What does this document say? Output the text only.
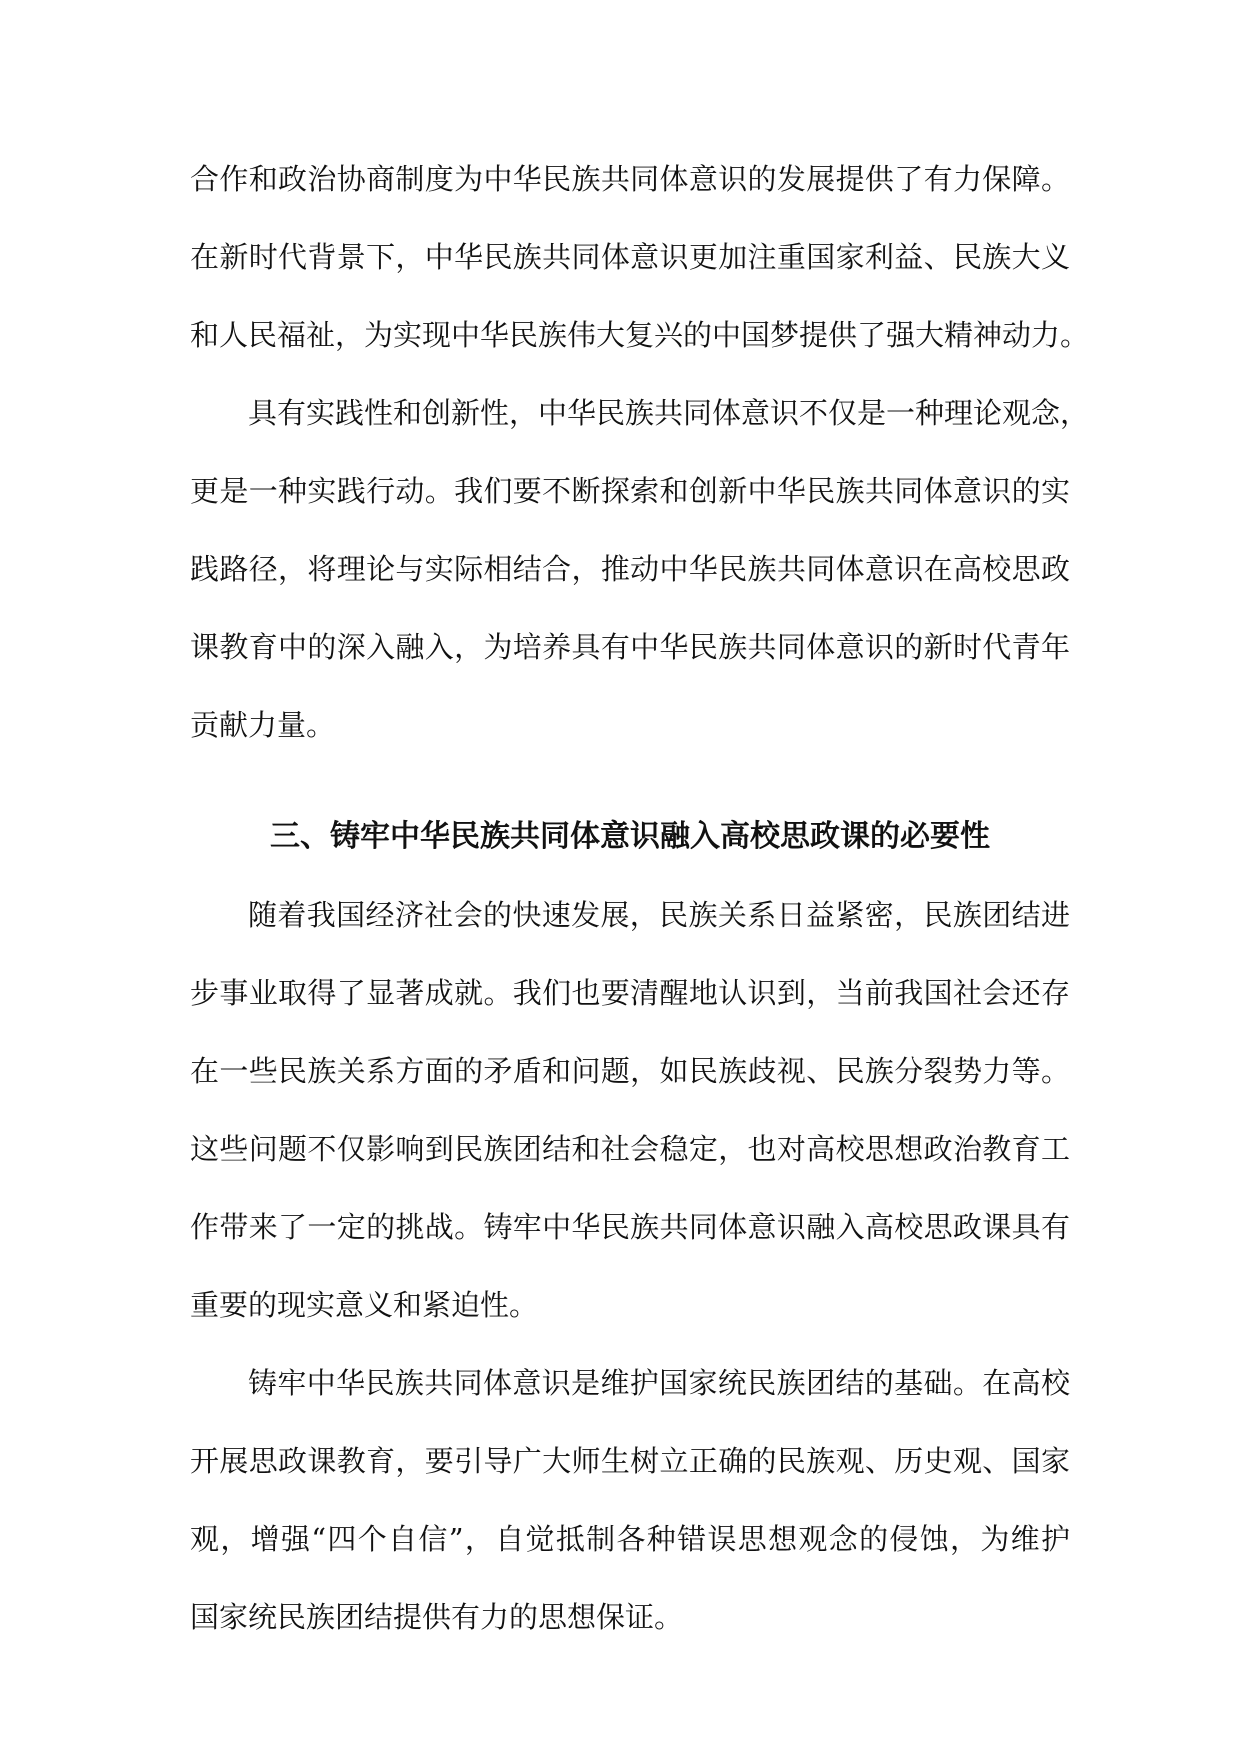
合作和政治协商制度为中华民族共同体意识的发展提供了有力保障。
在新时代背景下，中华民族共同体意识更加注重国家利益、民族大义
和人民福祉，为实现中华民族伟大复兴的中国梦提供了强大精神动力。
具有实践性和创新性，中华民族共同体意识不仅是一种理论观念，
更是一种实践行动。我们要不断探索和创新中华民族共同体意识的实
践路径，将理论与实际相结合，推动中华民族共同体意识在高校思政
课教育中的深入融入，为培养具有中华民族共同体意识的新时代青年
贡献力量。
三、铸牢中华民族共同体意识融入高校思政课的必要性
随着我国经济社会的快速发展，民族关系日益紧密，民族团结进
步事业取得了显著成就。我们也要清醒地认识到，当前我国社会还存
在一些民族关系方面的矛盾和问题，如民族歧视、民族分裂势力等。
这些问题不仅影响到民族团结和社会稳定，也对高校思想政治教育工
作带来了一定的挑战。铸牢中华民族共同体意识融入高校思政课具有
重要的现实意义和紧迫性。
铸牢中华民族共同体意识是维护国家统民族团结的基础。在高校
开展思政课教育，要引导广大师生树立正确的民族观、历史观、国家
观，增强“四个自信”，自觉抵制各种错误思想观念的侵蚀，为维护
国家统民族团结提供有力的思想保证。
